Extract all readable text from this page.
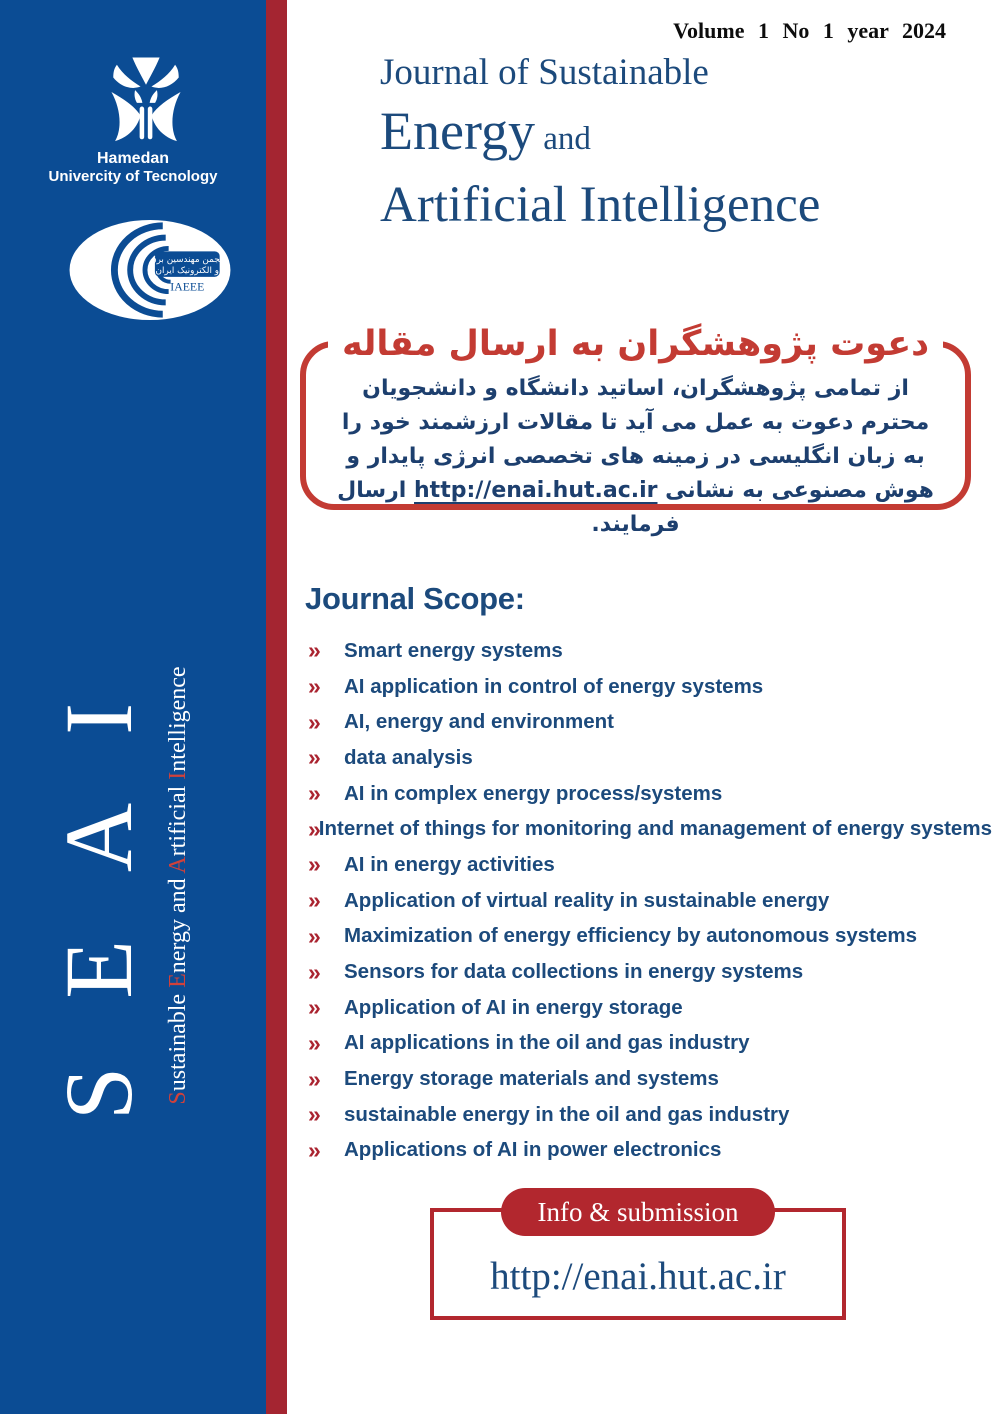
Hamedan
Univercity of Tecnology
انجمن مهندسین برق
و الکترونیک ایران
IAEEE
SEAI Sustainable Energy and Artificial Intelligence
Volume 1 No 1 year 2024
Journal of Sustainable
Energy and
Artificial Intelligence
دعوت پژوهشگران به ارسال مقاله

از تمامی پژوهشگران، اساتید دانشگاه و دانشجویان محترم دعوت به عمل می آید تا مقالات ارزشمند خود را به زبان انگلیسی در زمینه های تخصصی انرژی پایدار و هوش مصنوعی به نشانی http://enai.hut.ac.ir ارسال فرمایند.

Journal Scope:
»	Smart energy systems
»	AI application in control of energy systems
»	AI, energy and environment
»	data analysis
»	AI in complex energy process/systems
» Internet of things for monitoring and management of energy systems
»	AI in energy activities
»	Application of virtual reality in sustainable energy
»	Maximization of energy efficiency by autonomous systems
»	Sensors for data collections in energy systems
»	Application of AI in energy storage
»	AI applications in the oil and gas industry
»	Energy storage materials and systems
»	sustainable energy in the oil and gas industry
»	Applications of AI in power electronics
Info & submission
http://enai.hut.ac.ir
